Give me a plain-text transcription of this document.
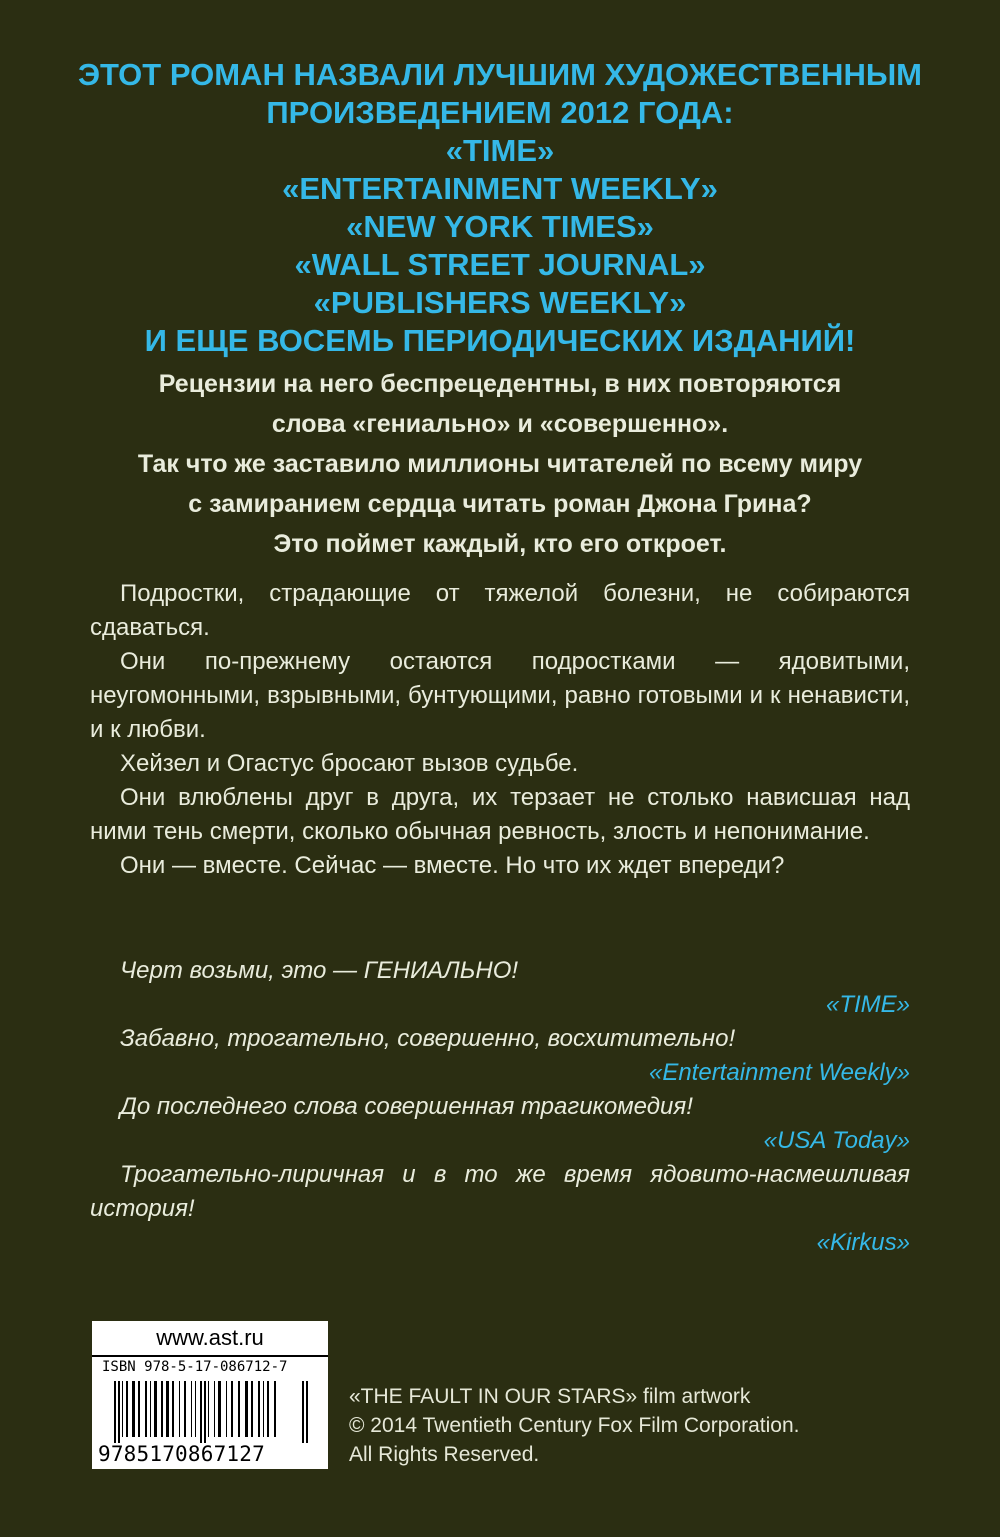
ЭТОТ РОМАН НАЗВАЛИ ЛУЧШИМ ХУДОЖЕСТВЕННЫМ
ПРОИЗВЕДЕНИЕМ 2012 ГОДА:
«TIME»
«ENTERTAINMENT WEEKLY»
«NEW YORK TIMES»
«WALL STREET JOURNAL»
«PUBLISHERS WEEKLY»
И ЕЩЕ ВОСЕМЬ ПЕРИОДИЧЕСКИХ ИЗДАНИЙ!
Рецензии на него беспрецедентны, в них повторяются
слова «гениально» и «совершенно».
Так что же заставило миллионы читателей по всему миру
с замиранием сердца читать роман Джона Грина?
Это поймет каждый, кто его откроет.

Подростки, страдающие от тяжелой болезни, не собираются сдаваться.

Они по-прежнему остаются подростками — ядовитыми, неугомонными, взрывными, бунтующими, равно готовыми и к ненависти, и к любви.

Хейзел и Огастус бросают вызов судьбе.

Они влюблены друг в друга, их терзает не столько нависшая над ними тень смерти, сколько обычная ревность, злость и непонимание.

Они — вместе. Сейчас — вместе. Но что их ждет впереди?

Черт возьми, это — ГЕНИАЛЬНО!

«TIME»

Забавно, трогательно, совершенно, восхитительно!

«Entertainment Weekly»

До последнего слова совершенная трагикомедия!

«USA Today»

Трогательно-лиричная и в то же время ядовито-насмешливая история!

«Kirkus»

www.ast.ru
ISBN 978-5-17-086712-7
9785170867127
«THE FAULT IN OUR STARS» film artwork
© 2014 Twentieth Century Fox Film Corporation.
All Rights Reserved.
